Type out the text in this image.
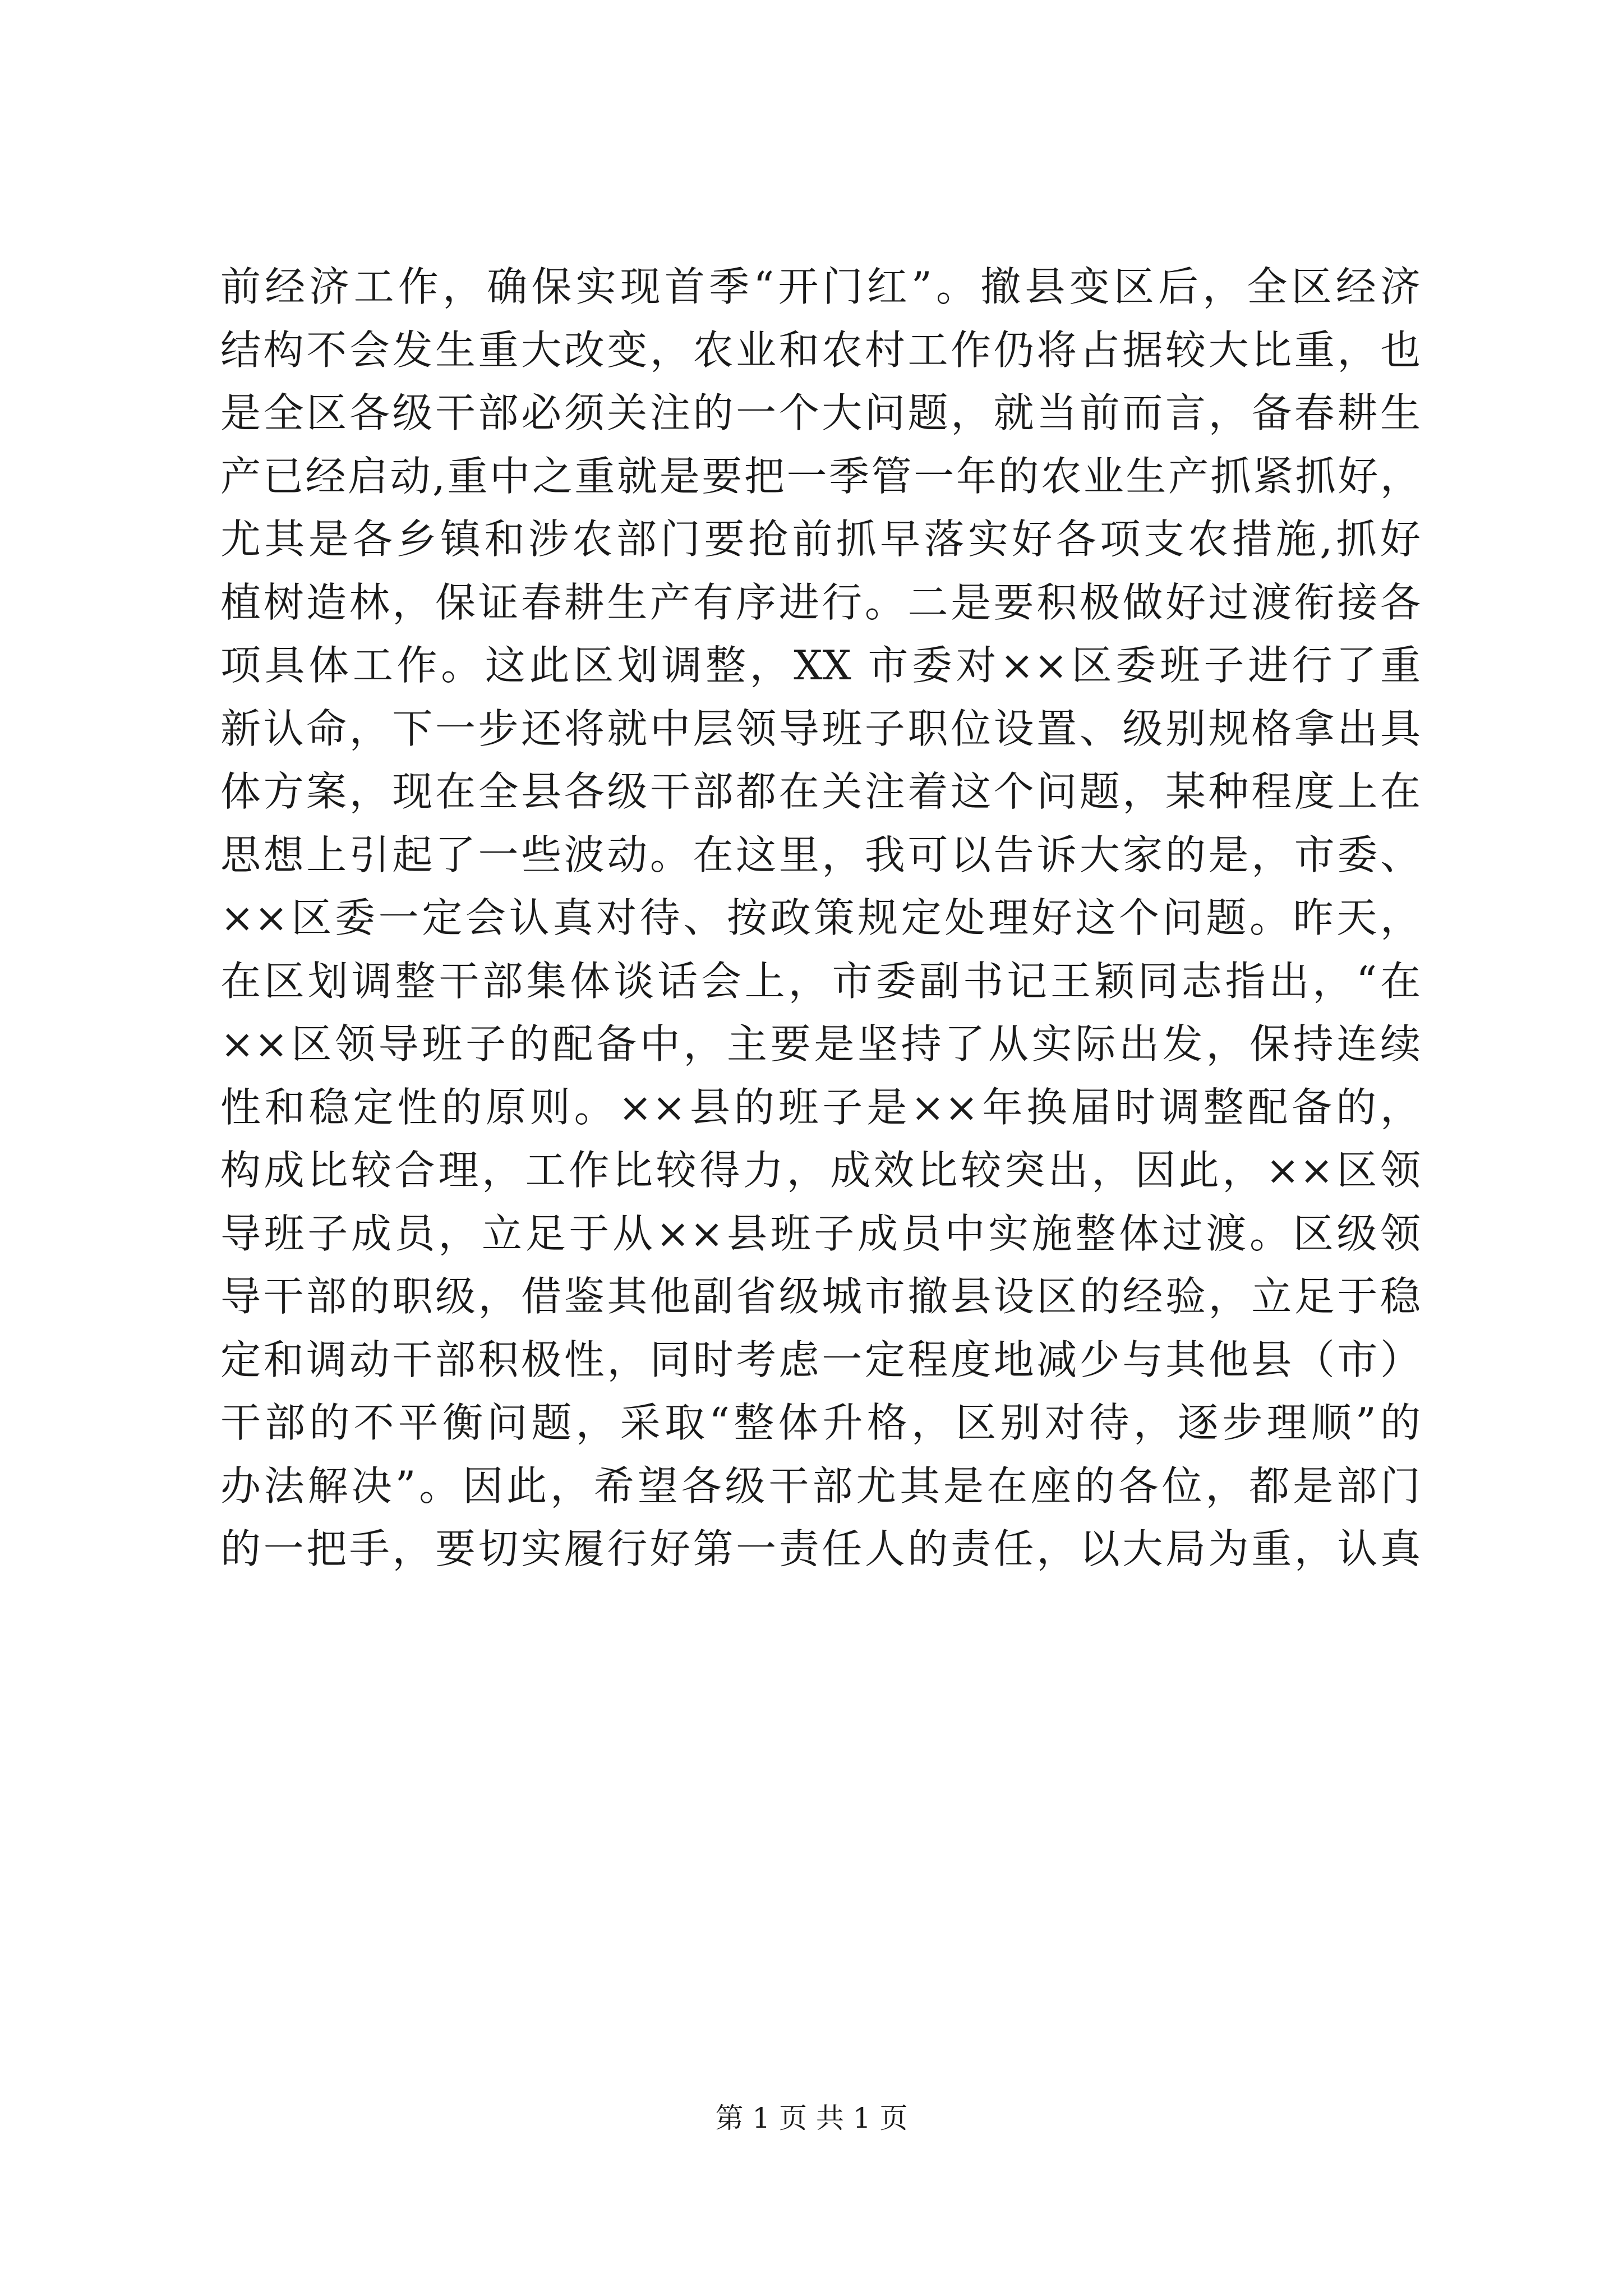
前经济工作，确保实现首季“开门红”。撤县变区后，全区经济
结构不会发生重大改变，农业和农村工作仍将占据较大比重，也
是全区各级干部必须关注的一个大问题，就当前而言，备春耕生
产已经启动,重中之重就是要把一季管一年的农业生产抓紧抓好，
尤其是各乡镇和涉农部门要抢前抓早落实好各项支农措施,抓好
植树造林，保证春耕生产有序进行。二是要积极做好过渡衔接各
项具体工作。这此区划调整，XX 市委对××区委班子进行了重
新认命，下一步还将就中层领导班子职位设置、级别规格拿出具
体方案，现在全县各级干部都在关注着这个问题，某种程度上在
思想上引起了一些波动。在这里，我可以告诉大家的是，市委、
××区委一定会认真对待、按政策规定处理好这个问题。昨天，
在区划调整干部集体谈话会上，市委副书记王颖同志指出，“在
××区领导班子的配备中，主要是坚持了从实际出发，保持连续
性和稳定性的原则。××县的班子是××年换届时调整配备的，
构成比较合理，工作比较得力，成效比较突出，因此，××区领
导班子成员，立足于从××县班子成员中实施整体过渡。区级领
导干部的职级，借鉴其他副省级城市撤县设区的经验，立足于稳
定和调动干部积极性，同时考虑一定程度地减少与其他县（市）
干部的不平衡问题，采取“整体升格，区别对待，逐步理顺”的
办法解决”。因此，希望各级干部尤其是在座的各位，都是部门
的一把手，要切实履行好第一责任人的责任，以大局为重，认真
第 1 页 共 1 页
